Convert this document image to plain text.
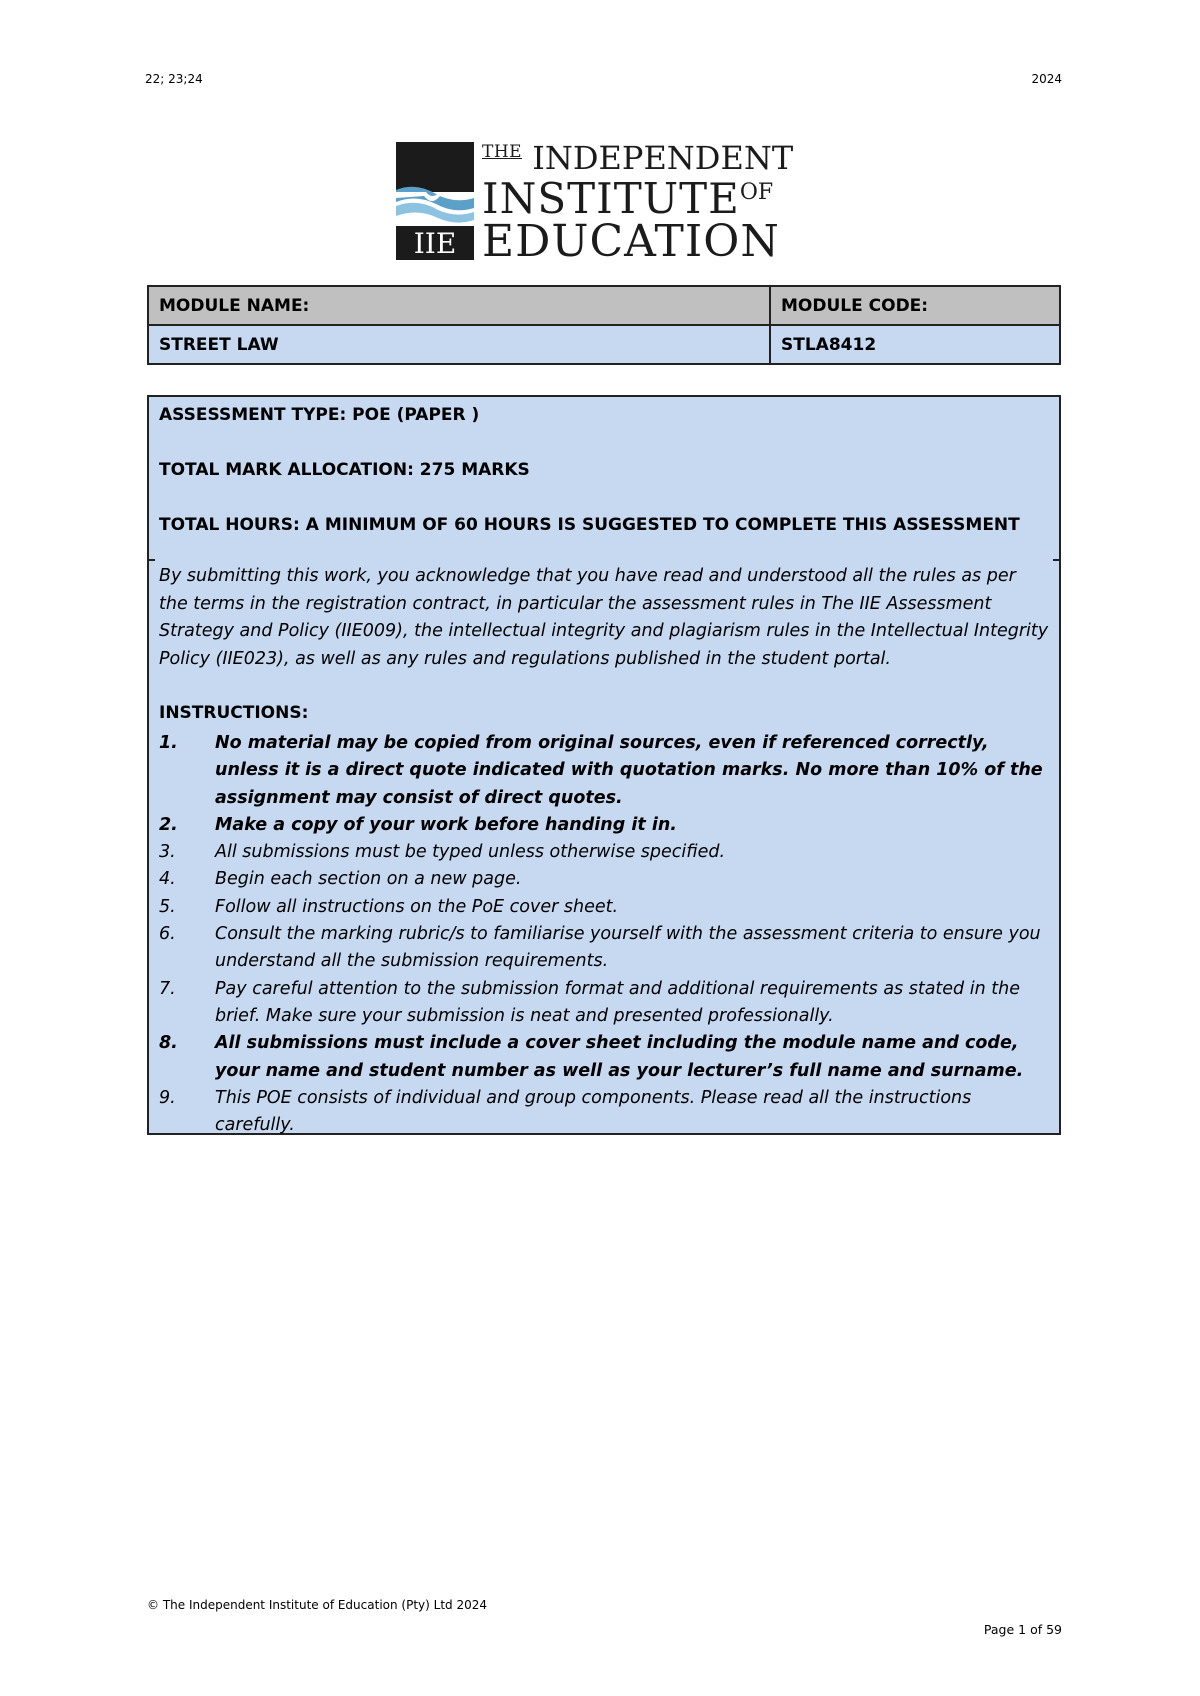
22; 23;24	2024
IIE
$^{THE}$ INDEPENDENT
$INSTITUTE^{OF}$
EDUCATION
MODULE NAME:	MODULE CODE:
STREET LAW	STLA8412
ASSESSMENT TYPE: POE (PAPER )
TOTAL MARK ALLOCATION: 275 MARKS
TOTAL HOURS: A MINIMUM OF 60 HOURS IS SUGGESTED TO COMPLETE THIS ASSESSMENT
By submitting this work, you acknowledge that you have read and understood all the rules as per the terms in the registration contract, in particular the assessment rules in The IIE Assessment Strategy and Policy (IIE009), the intellectual integrity and plagiarism rules in the Intellectual Integrity Policy (IIE023), as well as any rules and regulations published in the student portal.
INSTRUCTIONS:
1.	No material may be copied from original sources, even if referenced correctly, unless it is a direct quote indicated with quotation marks. No more than 10% of the assignment may consist of direct quotes.
2.	Make a copy of your work before handing it in.
3.	All submissions must be typed unless otherwise specified.
4.	Begin each section on a new page.
5.	Follow all instructions on the PoE cover sheet.
6.	Consult the marking rubric/s to familiarise yourself with the assessment criteria to ensure you understand all the submission requirements.
7.	Pay careful attention to the submission format and additional requirements as stated in the brief. Make sure your submission is neat and presented professionally.
8.	All submissions must include a cover sheet including the module name and code, your name and student number as well as your lecturer’s full name and surname.
9.	This POE consists of individual and group components. Please read all the instructions carefully.
© The Independent Institute of Education (Pty) Ltd 2024
Page 1 of 59
